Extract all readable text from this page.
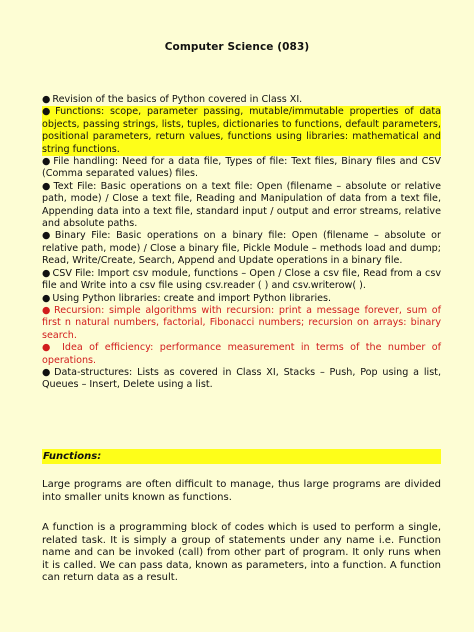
Computer Science (083)
● Revision of the basics of Python covered in Class XI.
● Functions: scope, parameter passing, mutable/immutable properties of data objects, passing strings, lists, tuples, dictionaries to functions, default parameters, positional parameters, return values, functions using libraries: mathematical and string functions.
● File handling: Need for a data file, Types of file: Text files, Binary files and CSV (Comma separated values) files.
● Text File: Basic operations on a text file: Open (filename – absolute or relative path, mode) / Close a text file, Reading and Manipulation of data from a text file, Appending data into a text file, standard input / output and error streams, relative and absolute paths.
● Binary File: Basic operations on a binary file: Open (filename – absolute or relative path, mode) / Close a binary file, Pickle Module – methods load and dump; Read, Write/Create, Search, Append and Update operations in a binary file.
● CSV File: Import csv module, functions – Open / Close a csv file, Read from a csv file and Write into a csv file using csv.reader ( ) and csv.writerow( ).
● Using Python libraries: create and import Python libraries.
● Recursion: simple algorithms with recursion: print a message forever, sum of first n natural numbers, factorial, Fibonacci numbers; recursion on arrays: binary search.
● Idea of efficiency: performance measurement in terms of the number of operations.
● Data-structures: Lists as covered in Class XI, Stacks – Push, Pop using a list, Queues – Insert, Delete using a list.
Functions:
Large programs are often difficult to manage, thus large programs are divided into smaller units known as functions.
A function is a programming block of codes which is used to perform a single, related task. It is simply a group of statements under any name i.e. Function name and can be invoked (call) from other part of program. It only runs when it is called. We can pass data, known as parameters, into a function. A function can return data as a result.
